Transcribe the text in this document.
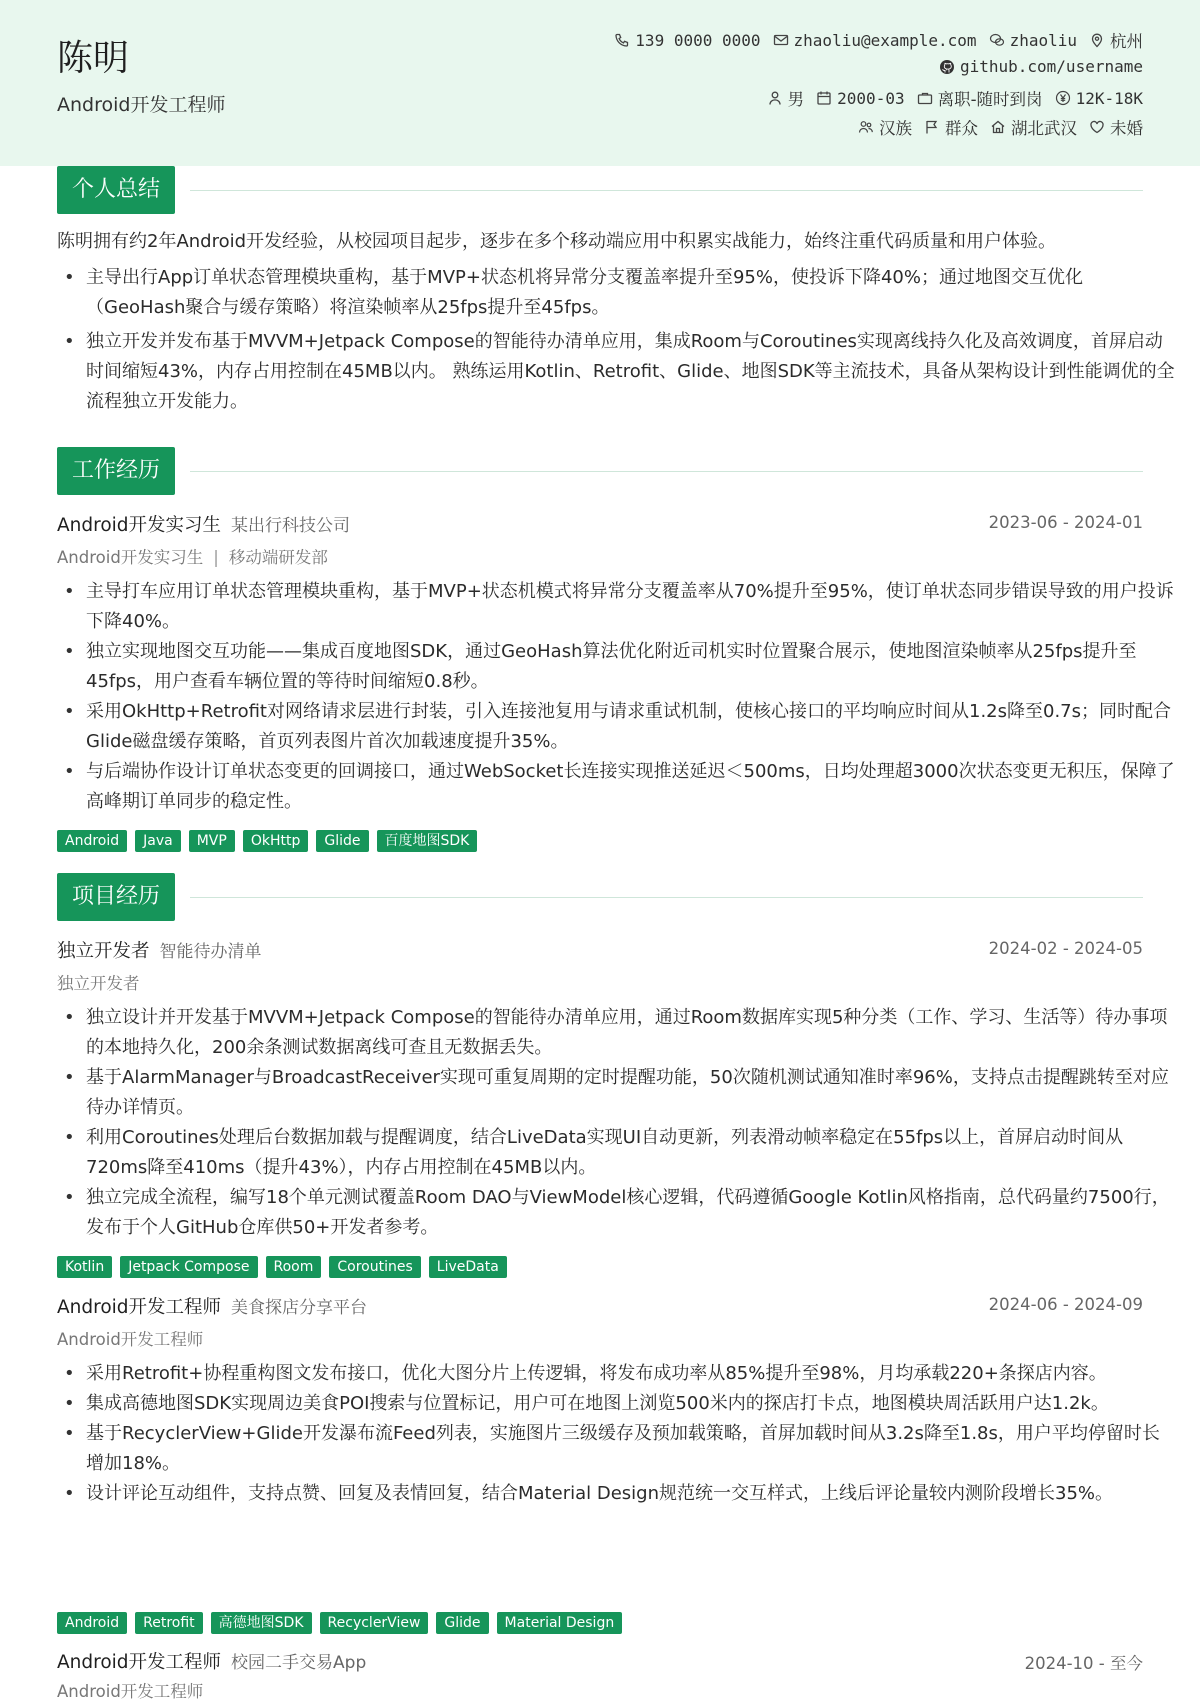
陈明
Android开发工程师
139 0000 0000 zhaoliu@example.com zhaoliu 杭州
github.com/username
男 2000-03 离职-随时到岗 12K-18K
汉族 群众 湖北武汉 未婚
个人总结
陈明拥有约2年Android开发经验，从校园项目起步，逐步在多个移动端应用中积累实战能力，始终注重代码质量和用户体验。
• 主导出行App订单状态管理模块重构，基于MVP+状态机将异常分支覆盖率提升至95%，使投诉下降40%；通过地图交互优化（GeoHash聚合与缓存策略）将渲染帧率从25fps提升至45fps。
• 独立开发并发布基于MVVM+Jetpack Compose的智能待办清单应用，集成Room与Coroutines实现离线持久化及高效调度，首屏启动时间缩短43%，内存占用控制在45MB以内。 熟练运用Kotlin、Retrofit、Glide、地图SDK等主流技术，具备从架构设计到性能调优的全流程独立开发能力。
工作经历
Android开发实习生 某出行科技公司	2023-06 - 2024-01
Android开发实习生 | 移动端研发部
• 主导打车应用订单状态管理模块重构，基于MVP+状态机模式将异常分支覆盖率从70%提升至95%，使订单状态同步错误导致的用户投诉下降40%。
• 独立实现地图交互功能——集成百度地图SDK，通过GeoHash算法优化附近司机实时位置聚合展示，使地图渲染帧率从25fps提升至45fps，用户查看车辆位置的等待时间缩短0.8秒。
• 采用OkHttp+Retrofit对网络请求层进行封装，引入连接池复用与请求重试机制，使核心接口的平均响应时间从1.2s降至0.7s；同时配合Glide磁盘缓存策略，首页列表图片首次加载速度提升35%。
• 与后端协作设计订单状态变更的回调接口，通过WebSocket长连接实现推送延迟＜500ms，日均处理超3000次状态变更无积压，保障了高峰期订单同步的稳定性。
Android	Java	MVP	OkHttp	Glide	百度地图SDK
项目经历
独立开发者 智能待办清单	2024-02 - 2024-05
独立开发者
• 独立设计并开发基于MVVM+Jetpack Compose的智能待办清单应用，通过Room数据库实现5种分类（工作、学习、生活等）待办事项的本地持久化，200余条测试数据离线可查且无数据丢失。
• 基于AlarmManager与BroadcastReceiver实现可重复周期的定时提醒功能，50次随机测试通知准时率96%，支持点击提醒跳转至对应待办详情页。
• 利用Coroutines处理后台数据加载与提醒调度，结合LiveData实现UI自动更新，列表滑动帧率稳定在55fps以上，首屏启动时间从720ms降至410ms（提升43%），内存占用控制在45MB以内。
• 独立完成全流程，编写18个单元测试覆盖Room DAO与ViewModel核心逻辑，代码遵循Google Kotlin风格指南，总代码量约7500行，发布于个人GitHub仓库供50+开发者参考。
Kotlin	Jetpack Compose	Room	Coroutines	LiveData
Android开发工程师 美食探店分享平台	2024-06 - 2024-09
Android开发工程师
• 采用Retrofit+协程重构图文发布接口，优化大图分片上传逻辑，将发布成功率从85%提升至98%，月均承载220+条探店内容。
• 集成高德地图SDK实现周边美食POI搜索与位置标记，用户可在地图上浏览500米内的探店打卡点，地图模块周活跃用户达1.2k。
• 基于RecyclerView+Glide开发瀑布流Feed列表，实施图片三级缓存及预加载策略，首屏加载时间从3.2s降至1.8s，用户平均停留时长增加18%。
• 设计评论互动组件，支持点赞、回复及表情回复，结合Material Design规范统一交互样式，上线后评论量较内测阶段增长35%。
Android	Retrofit	高德地图SDK	RecyclerView	Glide	Material Design
Android开发工程师 校园二手交易App	2024-10 - 至今
Android开发工程师
